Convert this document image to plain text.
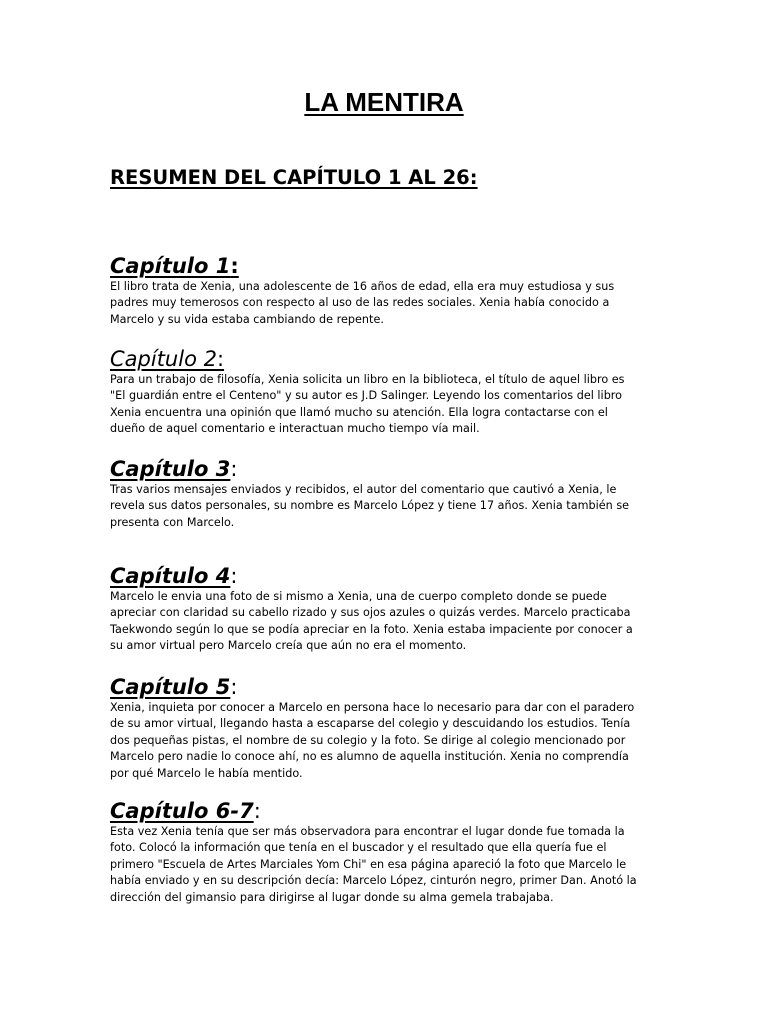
LA MENTIRA
RESUMEN DEL CAPÍTULO 1 AL 26:
Capítulo 1:
El libro trata de Xenia, una adolescente de 16 años de edad, ella era muy estudiosa y sus
padres muy temerosos con respecto al uso de las redes sociales. Xenia había conocido a
Marcelo y su vida estaba cambiando de repente.
Capítulo 2:
Para un trabajo de filosofía, Xenia solicita un libro en la biblioteca, el título de aquel libro es
"El guardián entre el Centeno" y su autor es J.D Salinger. Leyendo los comentarios del libro
Xenia encuentra una opinión que llamó mucho su atención. Ella logra contactarse con el
dueño de aquel comentario e interactuan mucho tiempo vía mail.
Capítulo 3:
Tras varios mensajes enviados y recibidos, el autor del comentario que cautivó a Xenia, le
revela sus datos personales, su nombre es Marcelo López y tiene 17 años. Xenia también se
presenta con Marcelo.
Capítulo 4:
Marcelo le envia una foto de si mismo a Xenia, una de cuerpo completo donde se puede
apreciar con claridad su cabello rizado y sus ojos azules o quizás verdes. Marcelo practicaba
Taekwondo según lo que se podía apreciar en la foto. Xenia estaba impaciente por conocer a
su amor virtual pero Marcelo creía que aún no era el momento.
Capítulo 5:
Xenia, inquieta por conocer a Marcelo en persona hace lo necesario para dar con el paradero
de su amor virtual, llegando hasta a escaparse del colegio y descuidando los estudios. Tenía
dos pequeñas pistas, el nombre de su colegio y la foto. Se dirige al colegio mencionado por
Marcelo pero nadie lo conoce ahí, no es alumno de aquella institución. Xenia no comprendía
por qué Marcelo le había mentido.
Capítulo 6-7:
Esta vez Xenia tenía que ser más observadora para encontrar el lugar donde fue tomada la
foto. Colocó la información que tenía en el buscador y el resultado que ella quería fue el
primero "Escuela de Artes Marciales Yom Chi" en esa página apareció la foto que Marcelo le
había enviado y en su descripción decía: Marcelo López, cinturón negro, primer Dan. Anotó la
dirección del gimansio para dirigirse al lugar donde su alma gemela trabajaba.
